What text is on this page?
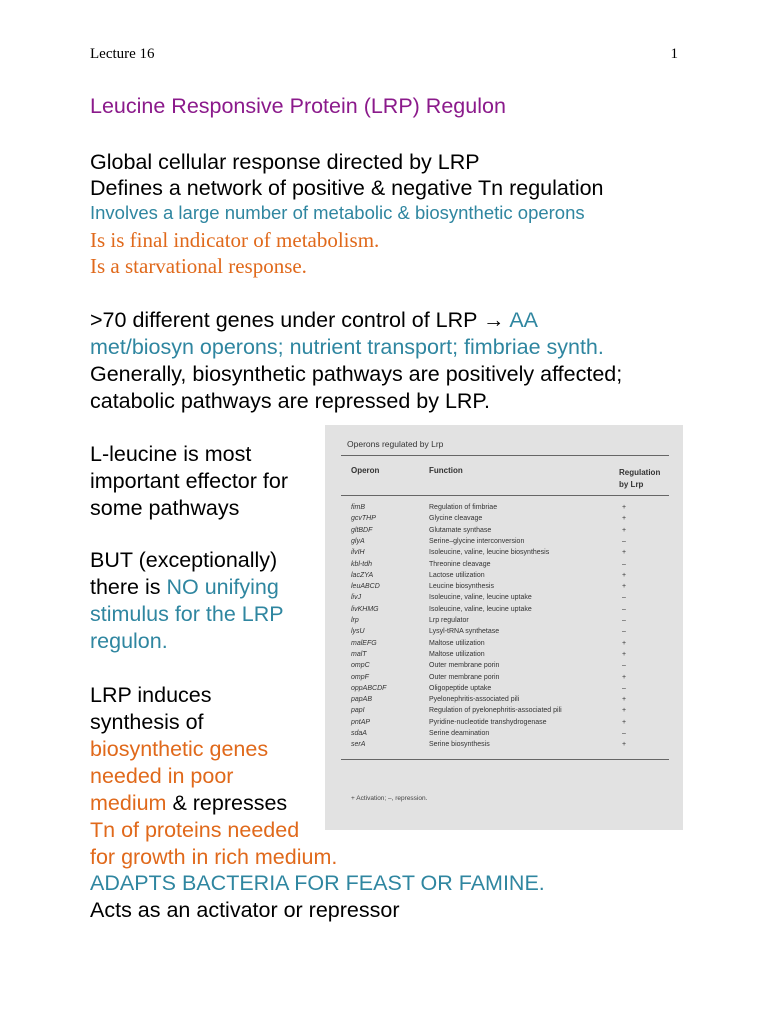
Lecture 16	1
Leucine Responsive Protein (LRP) Regulon
Global cellular response directed by LRP
Defines a network of positive & negative Tn regulation
Involves a large number of metabolic & biosynthetic operons
Is is final indicator of metabolism.
Is a starvational response.
>70 different genes under control of LRP → AA
met/biosyn operons; nutrient transport; fimbriae synth.
Generally, biosynthetic pathways are positively affected;
catabolic pathways are repressed by LRP.
L-leucine is most
important effector for
some pathways
BUT (exceptionally)
there is NO unifying
stimulus for the LRP
regulon.
LRP induces
synthesis of
biosynthetic genes
needed in poor
medium & represses
Tn of proteins needed
for growth in rich medium.
ADAPTS BACTERIA FOR FEAST OR FAMINE.
Acts as an activator or repressor
Operons regulated by Lrp
Operon	Function	Regulation
by Lrp
fimB	Regulation of fimbriae	+
gcvTHP	Glycine cleavage	+
gltBDF	Glutamate synthase	+
glyA	Serine–glycine interconversion	–
ilvIH	Isoleucine, valine, leucine biosynthesis	+
kbl-tdh	Threonine cleavage	–
lacZYA	Lactose utilization	+
leuABCD	Leucine biosynthesis	+
livJ	Isoleucine, valine, leucine uptake	–
livKHMG	Isoleucine, valine, leucine uptake	–
lrp	Lrp regulator	–
lysU	Lysyl-tRNA synthetase	–
malEFG	Maltose utilization	+
malT	Maltose utilization	+
ompC	Outer membrane porin	–
ompF	Outer membrane porin	+
oppABCDF	Oligopeptide uptake	–
papAB	Pyelonephritis-associated pili	+
papI	Regulation of pyelonephritis-associated pili	+
pntAP	Pyridine-nucleotide transhydrogenase	+
sdaA	Serine deamination	–
serA	Serine biosynthesis	+
+ Activation; –, repression.
